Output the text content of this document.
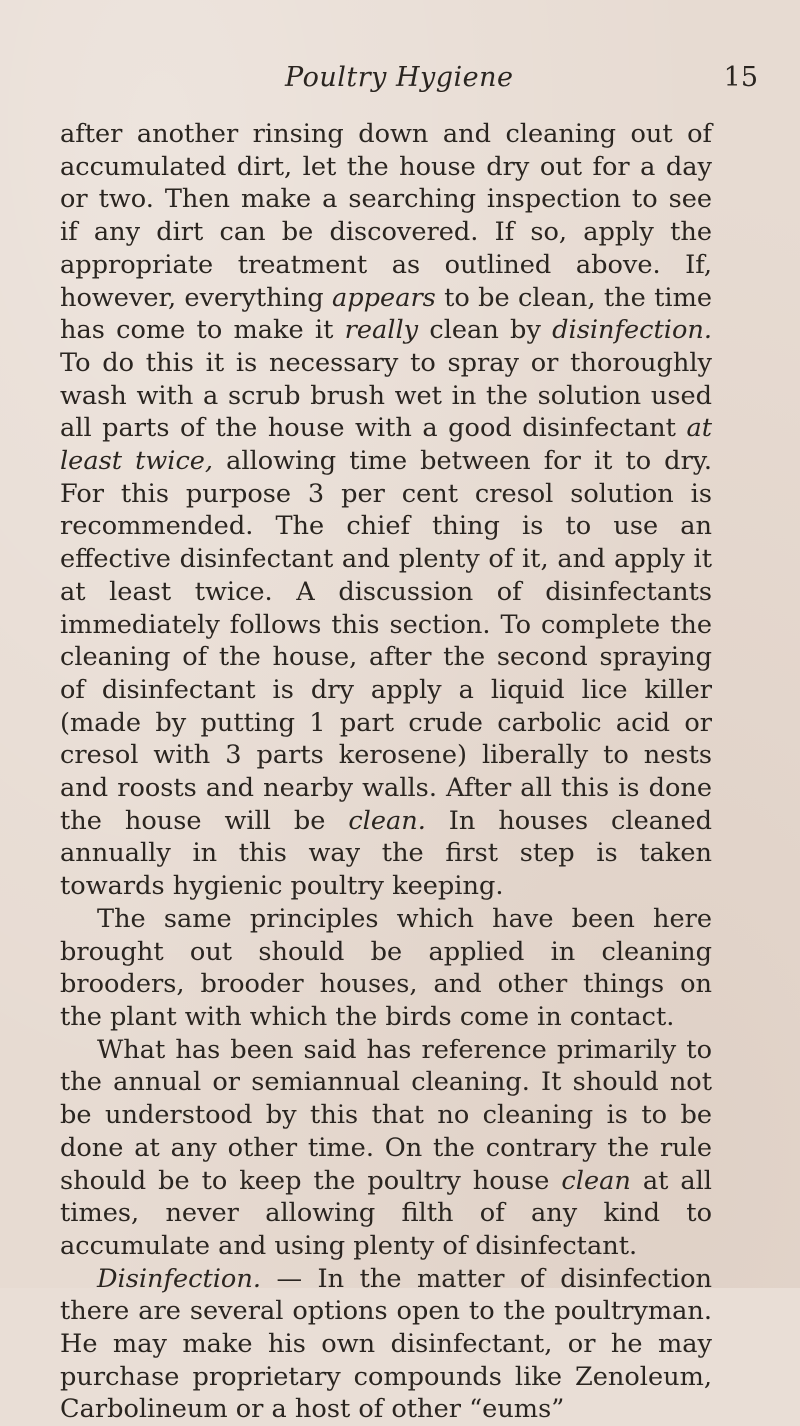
Poultry Hygiene	15

after another rinsing down and cleaning out of accumulated dirt, let the house dry out for a day or two. Then make a searching inspection to see if any dirt can be discovered. If so, apply the appropriate treatment as outlined above. If, however, everything appears to be clean, the time has come to make it really clean by disinfection. To do this it is necessary to spray or thoroughly wash with a scrub brush wet in the solution used all parts of the house with a good disinfectant at least twice, allowing time between for it to dry. For this purpose 3 per cent cresol solution is recommended. The chief thing is to use an effective disinfectant and plenty of it, and apply it at least twice. A discussion of disinfectants immediately follows this section. To complete the cleaning of the house, after the second spraying of disinfectant is dry apply a liquid lice killer (made by putting 1 part crude carbolic acid or cresol with 3 parts kerosene) liberally to nests and roosts and nearby walls. After all this is done the house will be clean. In houses cleaned annually in this way the first step is taken towards hygienic poultry keeping.

The same principles which have been here brought out should be applied in cleaning brooders, brooder houses, and other things on the plant with which the birds come in contact.

What has been said has reference primarily to the annual or semiannual cleaning. It should not be understood by this that no cleaning is to be done at any other time. On the contrary the rule should be to keep the poultry house clean at all times, never allowing filth of any kind to accumulate and using plenty of disinfectant.

Disinfection. — In the matter of disinfection there are several options open to the poultryman. He may make his own disinfectant, or he may purchase proprietary compounds like Zenoleum, Carbolineum or a host of other “eums”
